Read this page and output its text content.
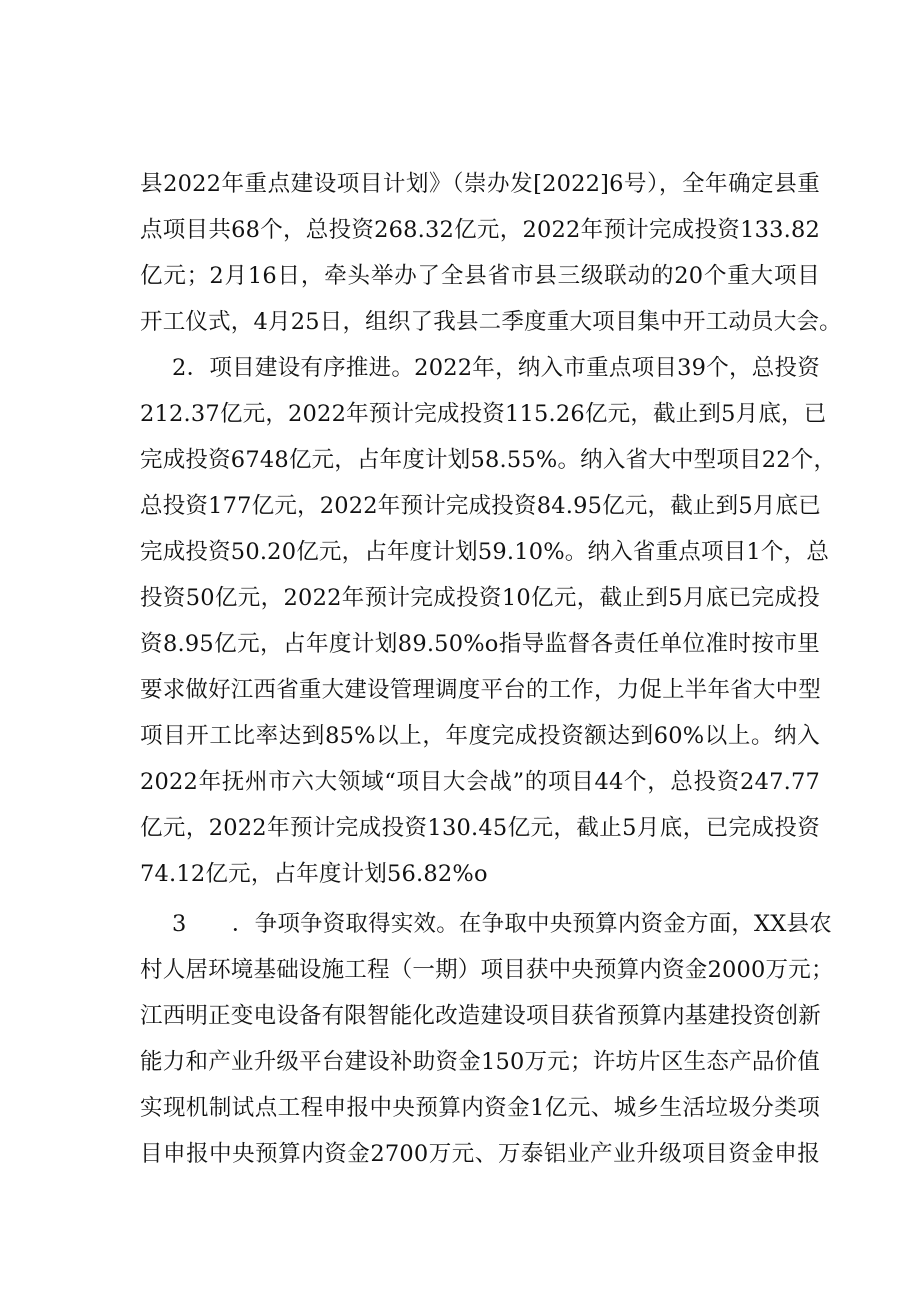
县2022年重点建设项目计划》（崇办发[2022]6号），全年确定县重

点项目共68个，总投资268.32亿元，2022年预计完成投资133.82

亿元；2月16日，牵头举办了全县省市县三级联动的20个重大项目

开工仪式，4月25日，组织了我县二季度重大项目集中开工动员大会。

2．项目建设有序推进。2022年，纳入市重点项目39个，总投资

212.37亿元，2022年预计完成投资115.26亿元，截止到5月底，已

完成投资6748亿元，占年度计划58.55%。纳入省大中型项目22个，

总投资177亿元，2022年预计完成投资84.95亿元，截止到5月底已

完成投资50.20亿元，占年度计划59.10%。纳入省重点项目1个，总

投资50亿元，2022年预计完成投资10亿元，截止到5月底已完成投

资8.95亿元，占年度计划89.50%o指导监督各责任单位准时按市里

要求做好江西省重大建设管理调度平台的工作，力促上半年省大中型

项目开工比率达到85%以上，年度完成投资额达到60%以上。纳入

2022年抚州市六大领域“项目大会战”的项目44个，总投资247.77

亿元，2022年预计完成投资130.45亿元，截止5月底，已完成投资

74.12亿元，占年度计划56.82%o

3　　．争项争资取得实效。在争取中央预算内资金方面，XX县农

村人居环境基础设施工程（一期）项目获中央预算内资金2000万元；

江西明正变电设备有限智能化改造建设项目获省预算内基建投资创新

能力和产业升级平台建设补助资金150万元；许坊片区生态产品价值

实现机制试点工程申报中央预算内资金1亿元、城乡生活垃圾分类项

目申报中央预算内资金2700万元、万泰铝业产业升级项目资金申报
